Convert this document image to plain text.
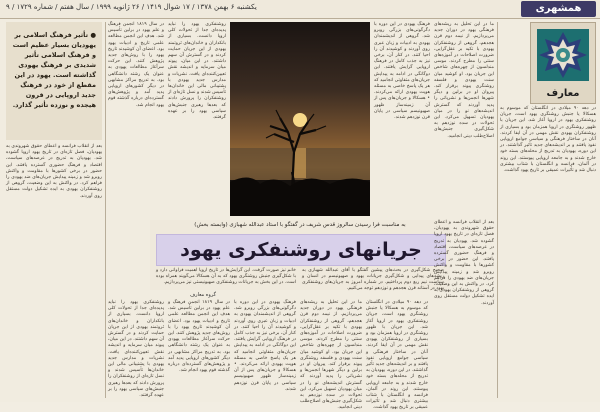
یکشنبه ۶ بهمن ۱۳۷۸ / ۱۷ شوال ۱۴۱۹ / ۲۶ ژانویه ۱۹۹۹ / سال هفتم / شماره ۱۷۲۹ / ۹	همشهری
معارف
● تأثیر فرهنگ اسلامی بر یهودیان بسیار عظیم است و فرهنگ اسلامی تأثیر شدیدی بر فرهنگ یهودی گذاشته است. یهود در این مقطع از خود در فرهنگ جدید اروپایی در قرون هیجده و نوزده تأثیر گذارد.
بعد از انقلاب فرانسه و اعطای حقوق شهروندی به یهودیان، فصل تازه‌ای در تاریخ یهود اروپا گشوده شد. یهودیان به تدریج در عرصه‌های سیاست، اقتصاد و فرهنگ حضوری گسترده یافتند. این حضور در برخی کشورها با مقاومت و واکنش روبرو شد و زمینه پیدایش جریان‌های ضد یهودی را فراهم کرد. در واکنش به این وضعیت، گروهی از روشنفکران یهودی به ایده تشکیل دولت مستقل روی آوردند.
در سال ۱۸۱۹ انجمن فرهنگ و علم یهود در برلین تأسیس شد. هدف این انجمن مطالعه علمی تاریخ و ادبیات یهود بود. اعضای آن کوشیدند تاریخ یهود را با روش‌های جدید پژوهش کنند. این حرکت سرآغاز مطالعات یهودی به عنوان یک رشته دانشگاهی بود. به تدریج مراکز مشابهی در دیگر کشورهای اروپایی پدید آمد و پژوهش‌های گسترده‌ای درباره گذشته قوم یهود انجام شد.
روشنفکری یهود را نباید پدیده‌ای جدا از تحولات کلی اروپا دانست. بسیاری از بانکداران و خاندان‌های ثروتمند یهودی از این جریان حمایت کردند و در گسترش آن سهم داشتند. در این میان، پیوند میان سرمایه و اندیشه نقش تعیین‌کننده‌ای یافت. نشریات و مدارس جدید یهودی با پشتیبانی مالی این خاندان‌ها تأسیس شدند و نسل تازه‌ای از روشنفکران را پرورش دادند که بعدها رهبری جنبش‌های سیاسی یهود را بر عهده گرفتند.
فرهنگ یهودی در این دوره با دگرگونی‌های بزرگی روبرو شد. گروهی از اندیشمندان یهودی به ادبیات و زبان عبری روی آوردند و کوشیدند آن را احیا کنند. در کنار آن، برخی نیز به جذب کامل در فرهنگ اروپایی گرایش یافتند. این دوگانگی در ادامه به پیدایش جریان‌های متفاوتی انجامید که هر یک پاسخ خاصی به مسئله هویت یهودی ارائه می‌کردند. • هسکالا و جریان‌های پس از آن زمینه‌ساز ظهور صهیونیسم سیاسی در پایان قرن نوزدهم شدند.
ما در این تحلیل به ریشه‌های فرهنگی یهود در دوران جدید می‌پردازیم. از نیمه دوم قرن هجدهم، گروهی از روشنفکران یهودی با تکیه بر عقل‌گرایی، ضرورت اصلاحات در آموزه‌های سنتی را مطرح کردند. موسی مندلسون از چهره‌های شاخص این جریان بود. او کوشید میان سنت یهودی و فلسفه روشنگری پیوند برقرار کند. پیروان او در برلین و دیگر شهرها انجمن‌ها و نشریاتی را پدید آوردند که گسترش اندیشه‌های نو را در میان یهودیان تسهیل می‌کرد. این تحولات در سده نوزدهم به شکل‌گیری جنبش‌های اصلاح‌طلب دینی انجامید.
در دهه ۹۰ میلادی در انگلستان که موسوم به هسکالا یا جنبش روشنگری یهود است، جریان روشنفکری یهود در اروپا آغاز شد. این جریان با ظهور روشنگری در اروپا همزمان بود و بسیاری از روشنفکران یهودی نقش مهمی در آن ایفا کردند. آنان در ساختار فرهنگی و سیاسی جوامع اروپایی نفوذ یافتند و بر اندیشه‌های جدید تأثیر گذاشتند. در این دوره، یهودیان به تدریج از محله‌های بسته خود خارج شدند و به جامعه اروپایی پیوستند. این روند در آلمان، فرانسه و انگلستان با شتاب بیشتری دنبال شد و تأثیرات عمیقی بر تاریخ یهود گذاشت.
به مناسبت فرا رسیدن سالروز قدس شریف در گفتگو با استاد عبدالله شهبازی (وابسته بخش)
جریانهای روشنفکری یهود
صحیح شکل‌گیری در بحث‌های پیشین گفتگو با آقای عبدالله شهبازی به ریشه‌های پیدایی و شکل‌گیری جریانات یهود و صهیونیسم در انسان و سیاست نیم ربع دوم پرداختیم. در شماره امروز به جریان‌های روشنفکری یهود در آستانه قرن هجدهم و نوزدهم توجه می‌کنیم.
خانم نیز صورت گرفت. این گرایش‌ها در تاریخ اروپا اهمیت فراوانی دارد و با شکل‌گیری جنبش روشنگری یهود که به آن هسکالا می‌گویند همراه بوده است. در این بخش به جریانات روشنفکری صهیونیستی نیز می‌پردازیم.
گروه معارف
روشنفکری یهود را نباید پدیده‌ای جدا از تحولات کلی اروپا دانست. بسیاری از بانکداران و خاندان‌های ثروتمند یهودی از این جریان حمایت کردند و در گسترش آن سهم داشتند. در این میان، پیوند میان سرمایه و اندیشه نقش تعیین‌کننده‌ای یافت. نشریات و مدارس جدید یهودی با پشتیبانی مالی این خاندان‌ها تأسیس شدند و نسل تازه‌ای از روشنفکران را پرورش دادند که بعدها رهبری جنبش‌های سیاسی یهود را بر عهده گرفتند.
در سال ۱۸۱۹ انجمن فرهنگ و علم یهود در برلین تأسیس شد. هدف این انجمن مطالعه علمی تاریخ و ادبیات یهود بود. اعضای آن کوشیدند تاریخ یهود را با روش‌های جدید پژوهش کنند. این حرکت سرآغاز مطالعات یهودی به عنوان یک رشته دانشگاهی بود. به تدریج مراکز مشابهی در دیگر کشورهای اروپایی پدید آمد و پژوهش‌های گسترده‌ای درباره گذشته قوم یهود انجام شد.
فرهنگ یهودی در این دوره با دگرگونی‌های بزرگی روبرو شد. گروهی از اندیشمندان یهودی به ادبیات و زبان عبری روی آوردند و کوشیدند آن را احیا کنند. در کنار آن، برخی نیز به جذب کامل در فرهنگ اروپایی گرایش یافتند. این دوگانگی در ادامه به پیدایش جریان‌های متفاوتی انجامید که هر یک پاسخ خاصی به مسئله هویت یهودی ارائه می‌کردند. • هسکالا و جریان‌های پس از آن زمینه‌ساز ظهور صهیونیسم سیاسی در پایان قرن نوزدهم شدند.
ما در این تحلیل به ریشه‌های فرهنگی یهود در دوران جدید می‌پردازیم. از نیمه دوم قرن هجدهم، گروهی از روشنفکران یهودی با تکیه بر عقل‌گرایی، ضرورت اصلاحات در آموزه‌های سنتی را مطرح کردند. موسی مندلسون از چهره‌های شاخص این جریان بود. او کوشید میان سنت یهودی و فلسفه روشنگری پیوند برقرار کند. پیروان او در برلین و دیگر شهرها انجمن‌ها و نشریاتی را پدید آوردند که گسترش اندیشه‌های نو را در میان یهودیان تسهیل می‌کرد. این تحولات در سده نوزدهم به شکل‌گیری جنبش‌های اصلاح‌طلب دینی انجامید.
در دهه ۹۰ میلادی در انگلستان که موسوم به هسکالا یا جنبش روشنگری یهود است، جریان روشنفکری یهود در اروپا آغاز شد. این جریان با ظهور روشنگری در اروپا همزمان بود و بسیاری از روشنفکران یهودی نقش مهمی در آن ایفا کردند. آنان در ساختار فرهنگی و سیاسی جوامع اروپایی نفوذ یافتند و بر اندیشه‌های جدید تأثیر گذاشتند. در این دوره، یهودیان به تدریج از محله‌های بسته خود خارج شدند و به جامعه اروپایی پیوستند. این روند در آلمان، فرانسه و انگلستان با شتاب بیشتری دنبال شد و تأثیرات عمیقی بر تاریخ یهود گذاشت.
بعد از انقلاب فرانسه و اعطای حقوق شهروندی به یهودیان، فصل تازه‌ای در تاریخ یهود اروپا گشوده شد. یهودیان به تدریج در عرصه‌های سیاست، اقتصاد و فرهنگ حضوری گسترده یافتند. این حضور در برخی کشورها با مقاومت و واکنش روبرو شد و زمینه پیدایش جریان‌های ضد یهودی را فراهم کرد. در واکنش به این وضعیت، گروهی از روشنفکران یهودی به ایده تشکیل دولت مستقل روی آوردند.
